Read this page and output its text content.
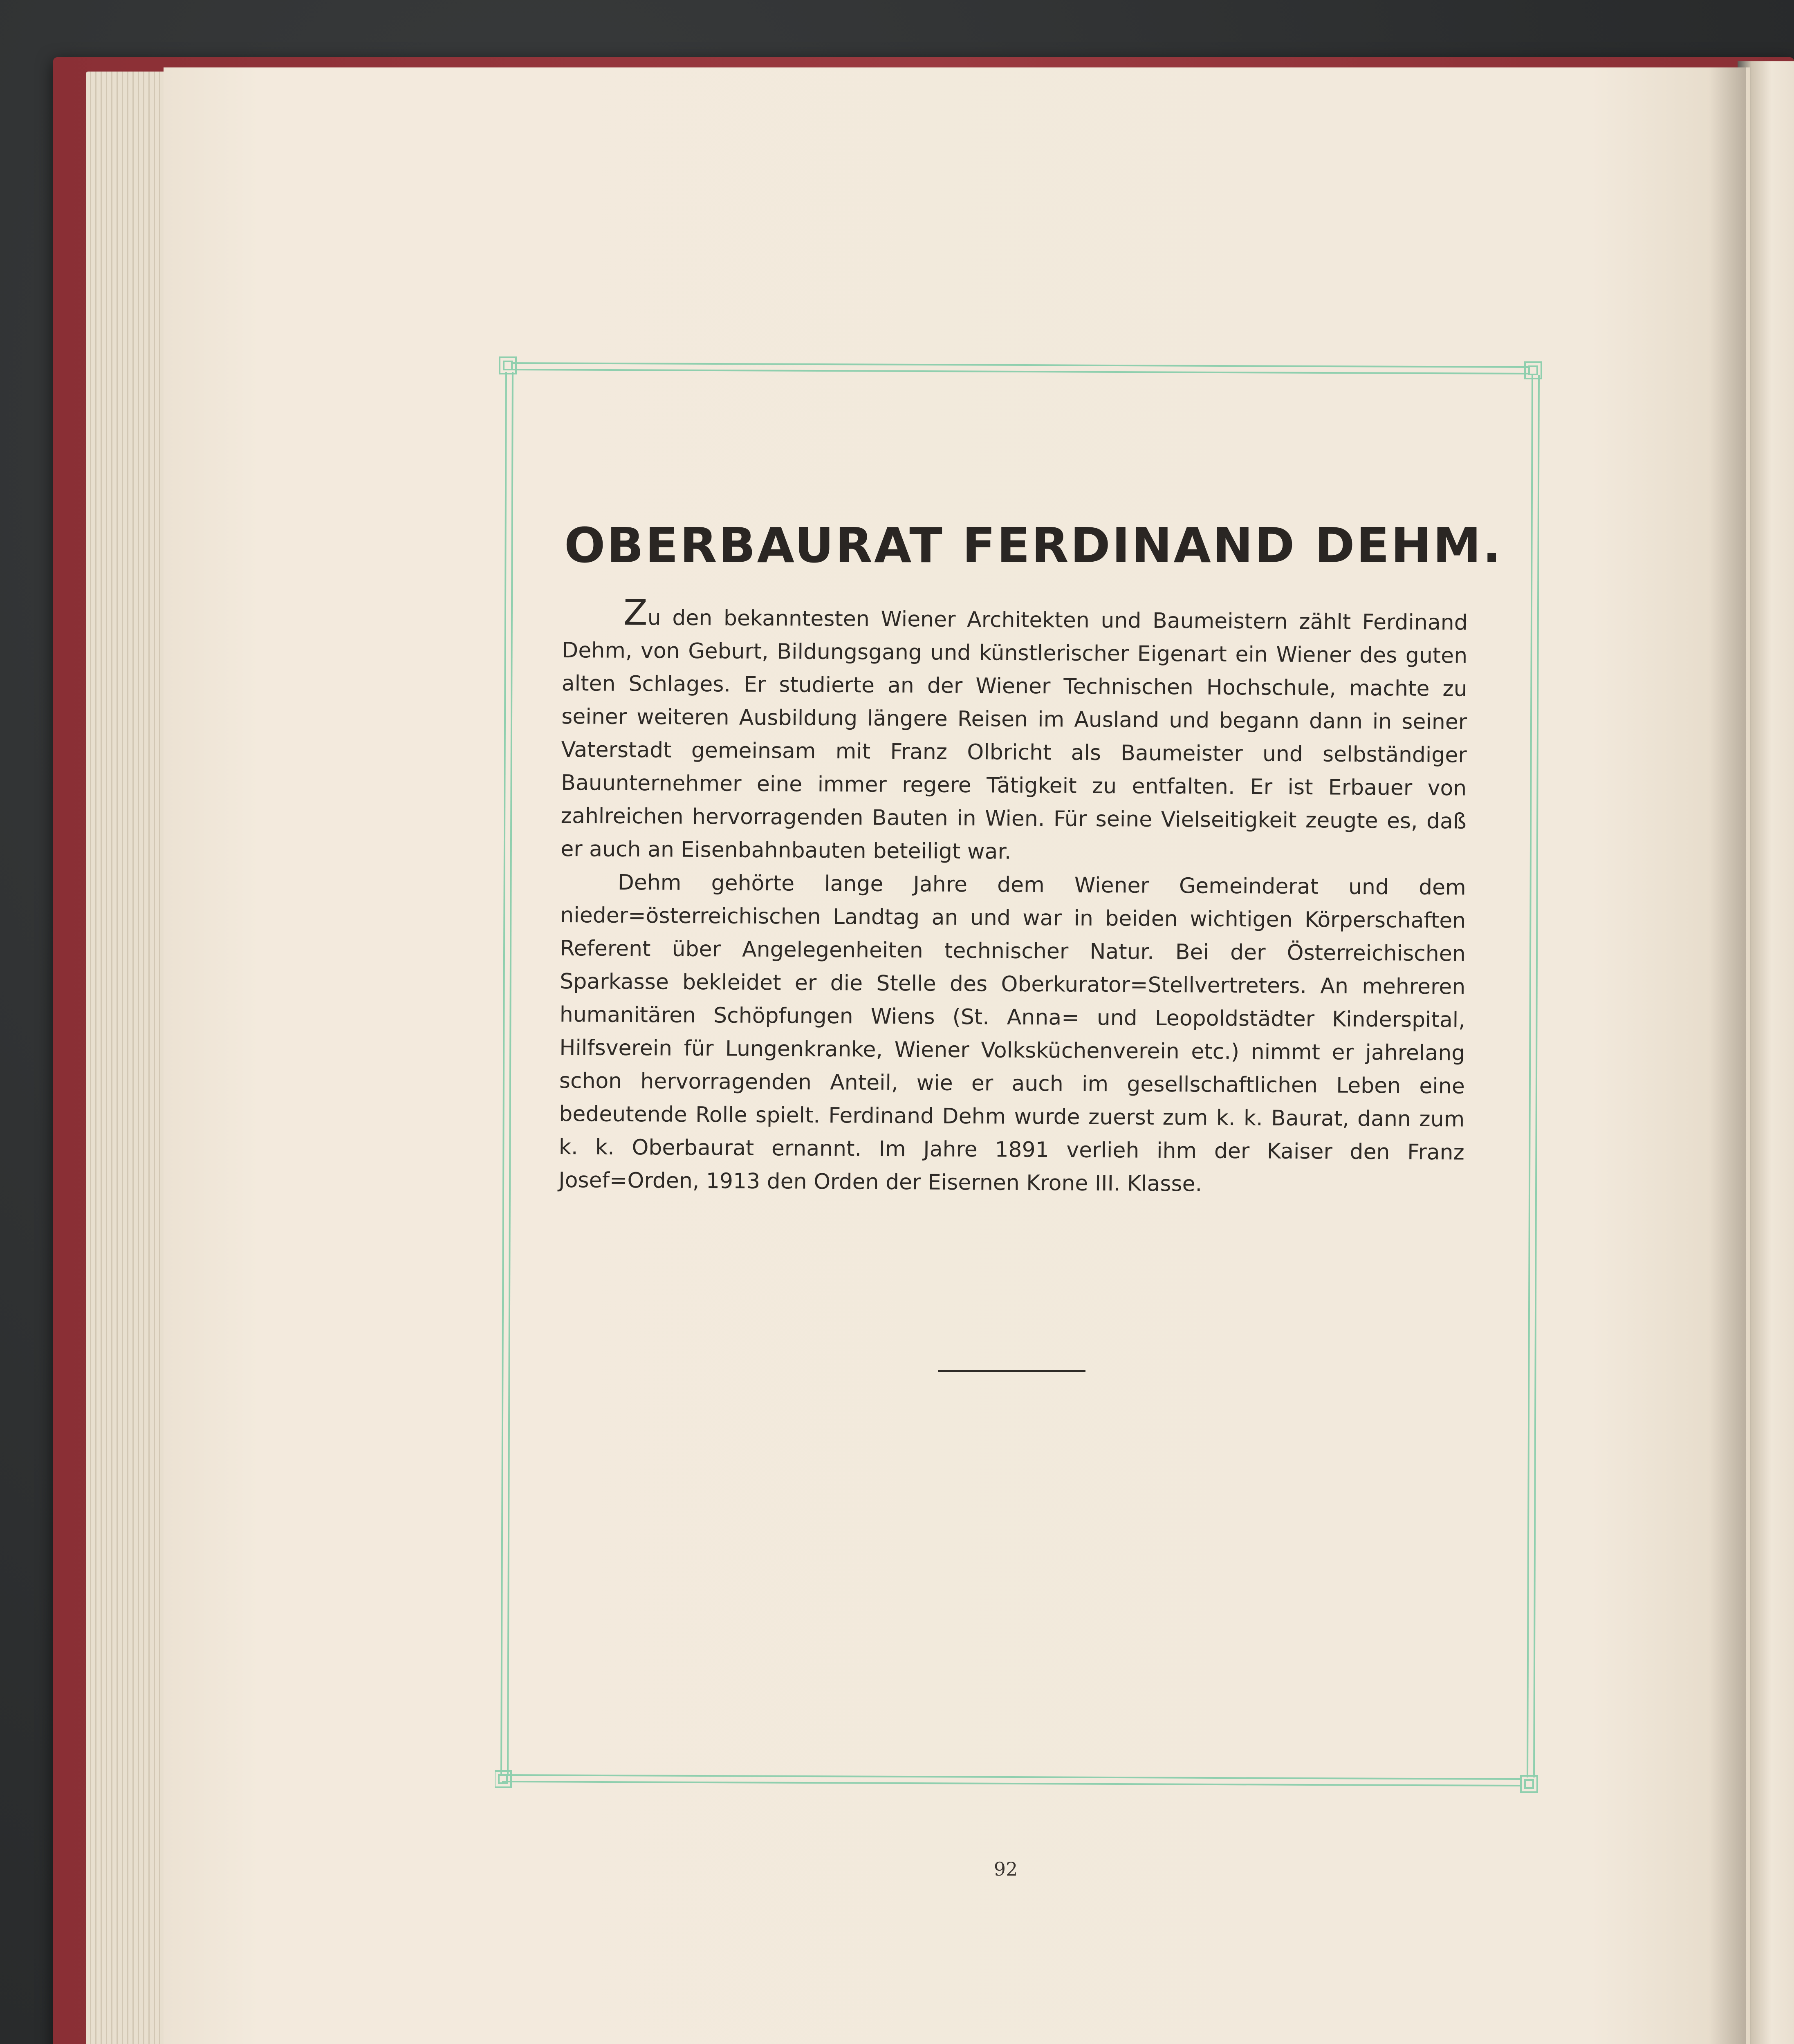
OBERBAURAT FERDINAND DEHM.

Zu den bekanntesten Wiener Architekten und Baumeistern zählt Ferdinand Dehm, von Geburt, Bildungsgang und künstlerischer Eigenart ein Wiener des guten alten Schlages. Er studierte an der Wiener Technischen Hochschule, machte zu seiner weiteren Ausbildung längere Reisen im Ausland und begann dann in seiner Vaterstadt gemeinsam mit Franz Olbricht als Baumeister und selbständiger Bauunternehmer eine immer regere Tätigkeit zu entfalten. Er ist Erbauer von zahlreichen hervorragenden Bauten in Wien. Für seine Vielseitigkeit zeugte es, daß er auch an Eisenbahnbauten beteiligt war.

Dehm gehörte lange Jahre dem Wiener Gemeinderat und dem nieder=österreichischen Landtag an und war in beiden wichtigen Körperschaften Referent über Angelegenheiten technischer Natur. Bei der Österreichischen Sparkasse bekleidet er die Stelle des Oberkurator=Stellvertreters. An mehreren humanitären Schöpfungen Wiens (St. Anna= und Leopoldstädter Kinderspital, Hilfsverein für Lungenkranke, Wiener Volksküchenverein etc.) nimmt er jahrelang schon hervorragenden Anteil, wie er auch im gesellschaftlichen Leben eine bedeutende Rolle spielt. Ferdinand Dehm wurde zuerst zum k. k. Baurat, dann zum k. k. Oberbaurat ernannt. Im Jahre 1891 verlieh ihm der Kaiser den Franz Josef=Orden, 1913 den Orden der Eisernen Krone III. Klasse.

92
